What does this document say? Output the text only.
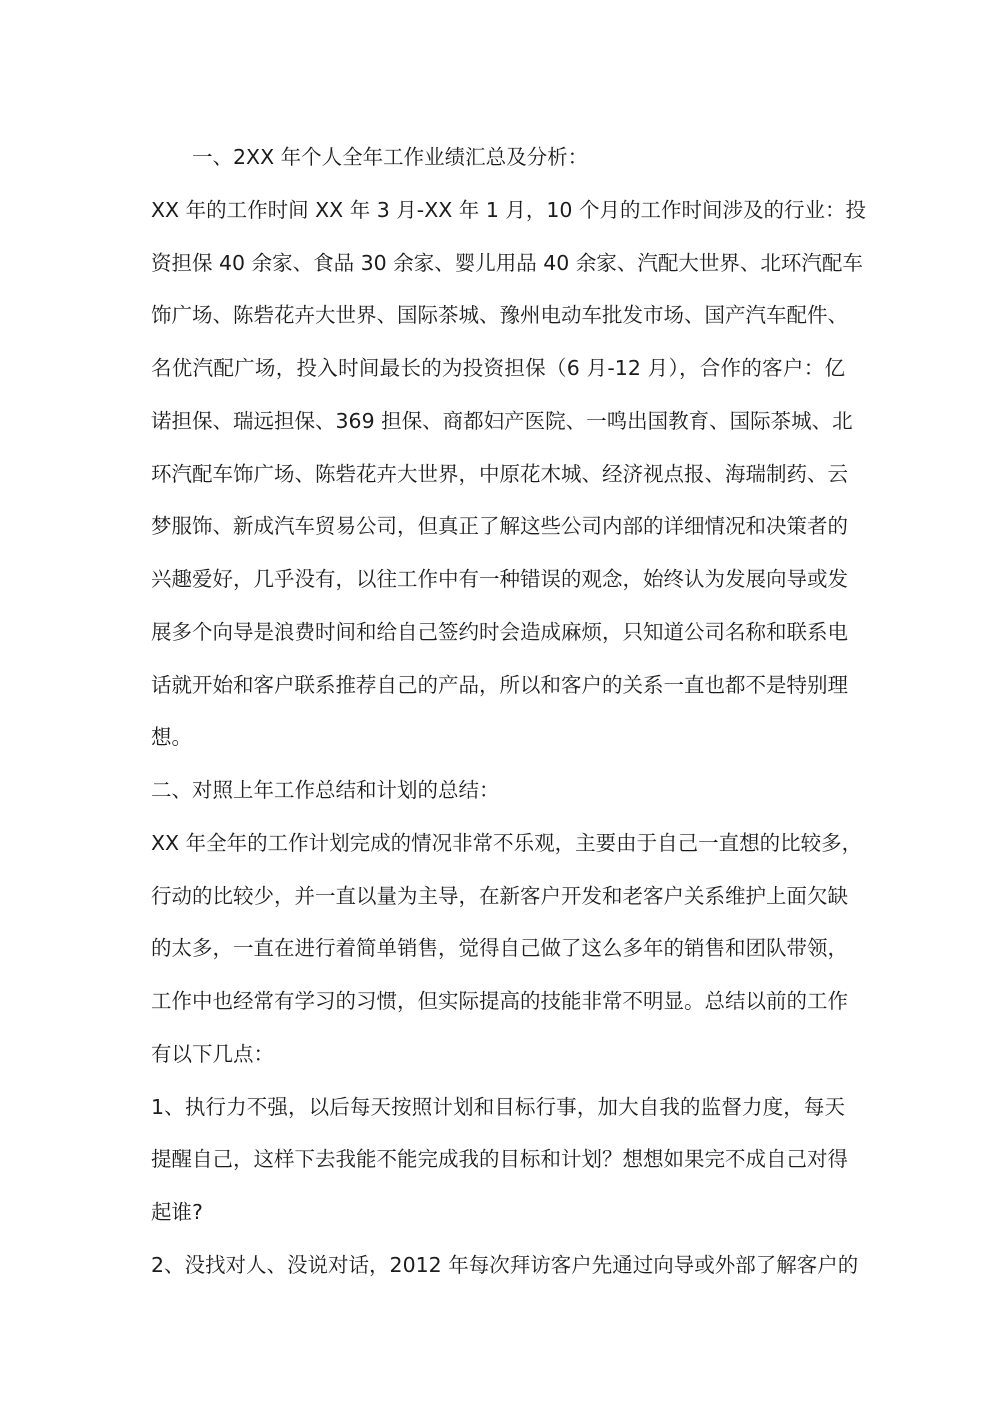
一、2XX 年个人全年工作业绩汇总及分析：
XX 年的工作时间 XX 年 3 月-XX 年 1 月，10 个月的工作时间涉及的行业：投
资担保 40 余家、食品 30 余家、婴儿用品 40 余家、汽配大世界、北环汽配车
饰广场、陈砦花卉大世界、国际茶城、豫州电动车批发市场、国产汽车配件、
名优汽配广场，投入时间最长的为投资担保（6 月-12 月），合作的客户：亿
诺担保、瑞远担保、369 担保、商都妇产医院、一鸣出国教育、国际茶城、北
环汽配车饰广场、陈砦花卉大世界，中原花木城、经济视点报、海瑞制药、云
梦服饰、新成汽车贸易公司，但真正了解这些公司内部的详细情况和决策者的
兴趣爱好，几乎没有，以往工作中有一种错误的观念，始终认为发展向导或发
展多个向导是浪费时间和给自己签约时会造成麻烦，只知道公司名称和联系电
话就开始和客户联系推荐自己的产品，所以和客户的关系一直也都不是特别理
想。
二、对照上年工作总结和计划的总结：
XX 年全年的工作计划完成的情况非常不乐观，主要由于自己一直想的比较多，
行动的比较少，并一直以量为主导，在新客户开发和老客户关系维护上面欠缺
的太多，一直在进行着简单销售，觉得自己做了这么多年的销售和团队带领，
工作中也经常有学习的习惯，但实际提高的技能非常不明显。总结以前的工作
有以下几点：
1、执行力不强，以后每天按照计划和目标行事，加大自我的监督力度，每天
提醒自己，这样下去我能不能完成我的目标和计划？想想如果完不成自己对得
起谁?
2、没找对人、没说对话，2012 年每次拜访客户先通过向导或外部了解客户的
